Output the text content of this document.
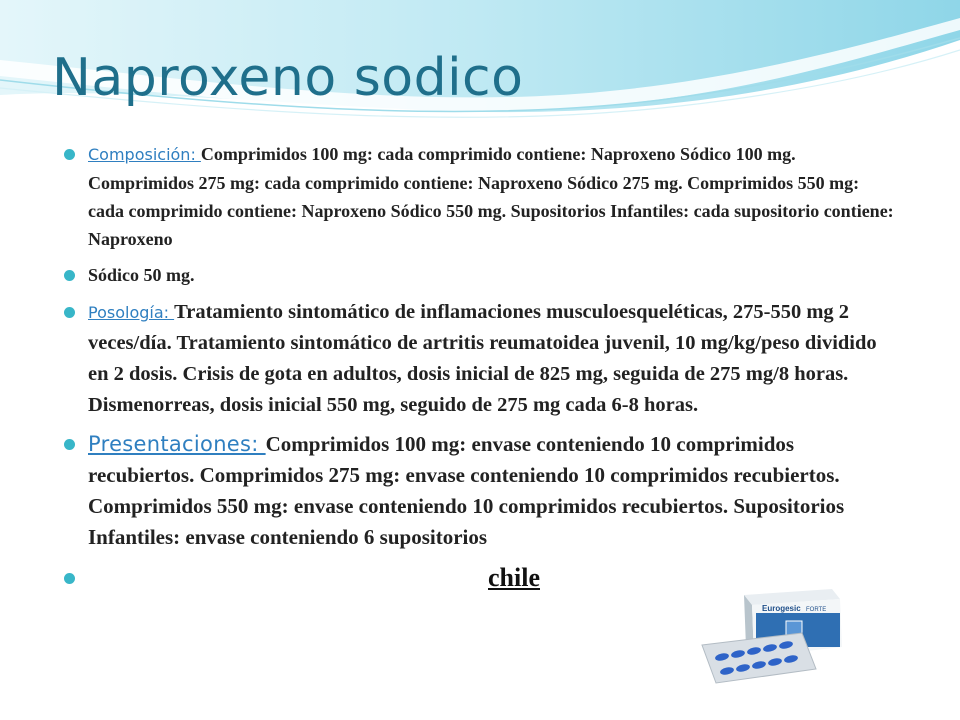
Naproxeno sodico
Composición: Comprimidos 100 mg: cada comprimido contiene: Naproxeno Sódico 100 mg. Comprimidos 275 mg: cada comprimido contiene: Naproxeno Sódico 275 mg. Comprimidos 550 mg: cada comprimido contiene: Naproxeno Sódico 550 mg. Supositorios Infantiles: cada supositorio contiene: Naproxeno
Sódico 50 mg.
Posología: Tratamiento sintomático de inflamaciones musculoesqueléticas, 275-550 mg 2 veces/día. Tratamiento sintomático de artritis reumatoidea juvenil, 10 mg/kg/peso dividido en 2 dosis. Crisis de gota en adultos, dosis inicial de 825 mg, seguida de 275 mg/8 horas. Dismenorreas, dosis inicial 550 mg, seguido de 275 mg cada 6-8 horas.
Presentaciones: Comprimidos 100 mg: envase conteniendo 10 comprimidos recubiertos. Comprimidos 275 mg: envase conteniendo 10 comprimidos recubiertos. Comprimidos 550 mg: envase conteniendo 10 comprimidos recubiertos. Supositorios Infantiles: envase conteniendo 6 supositorios
chile
Eurogesic FORTE
